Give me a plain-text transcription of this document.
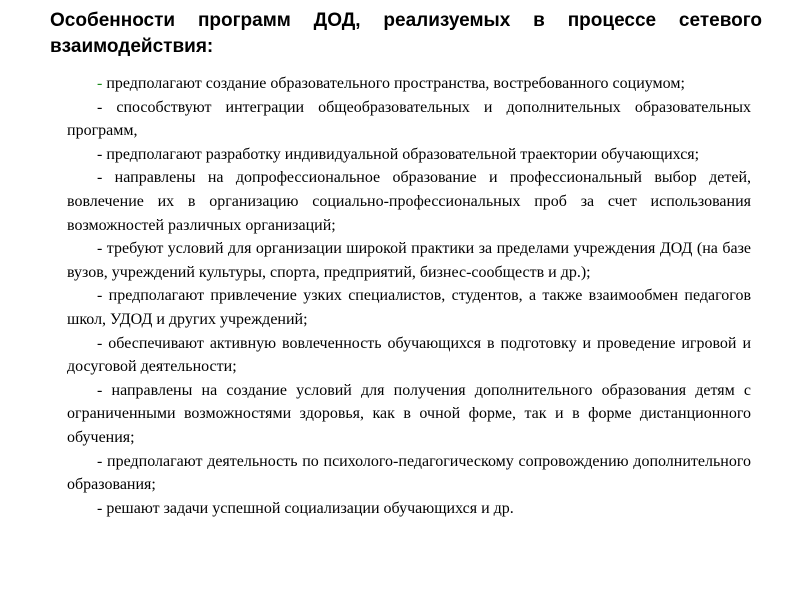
Особенности программ ДОД, реализуемых в процессе сетевого взаимодействия:
- предполагают создание образовательного пространства, востребованного социумом;
- способствуют интеграции общеобразовательных и дополнительных образовательных программ,
- предполагают разработку индивидуальной образовательной траектории обучающихся;
- направлены на допрофессиональное образование и профессиональный выбор детей, вовлечение их в организацию социально-профессиональных проб за счет использования возможностей различных организаций;
- требуют условий для организации широкой практики за пределами учреждения ДОД (на базе вузов, учреждений культуры, спорта, предприятий, бизнес-сообществ и др.);
- предполагают привлечение узких специалистов, студентов, а также взаимообмен педагогов школ, УДОД и других учреждений;
- обеспечивают активную вовлеченность обучающихся в подготовку и проведение игровой и досуговой деятельности;
- направлены на создание условий для получения дополнительного образования детям с ограниченными возможностями здоровья, как в очной форме, так и в форме дистанционного обучения;
- предполагают деятельность по психолого-педагогическому сопровождению дополнительного образования;
- решают задачи успешной социализации обучающихся и др.
